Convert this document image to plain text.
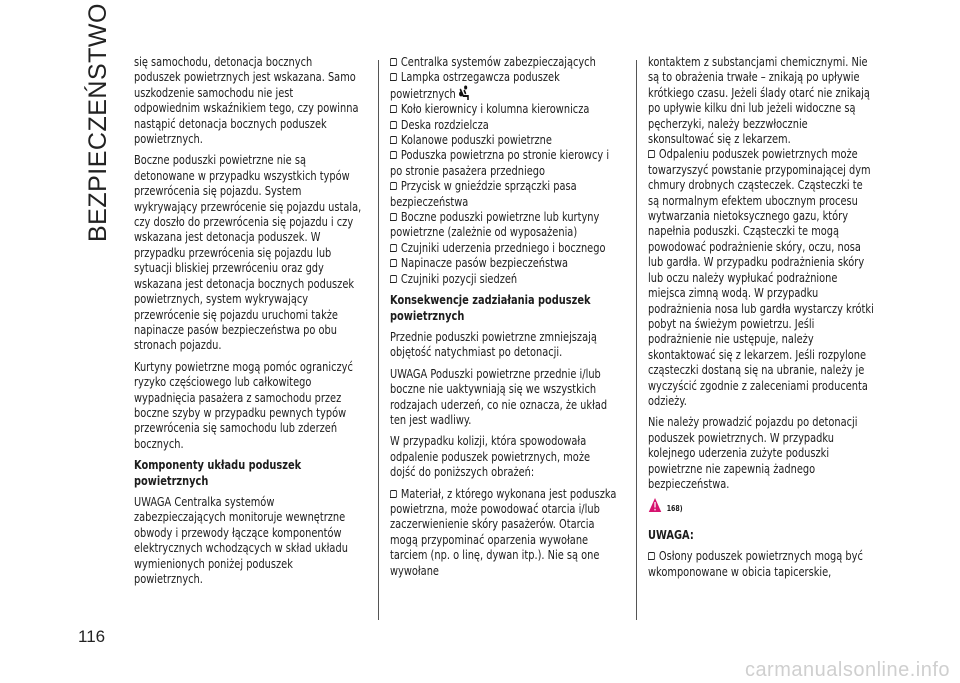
BEZPIECZEŃSTWO
116

się samochodu, detonacja bocznych poduszek powietrznych jest wskazana. Samo uszkodzenie samochodu nie jest odpowiednim wskaźnikiem tego, czy powinna nastąpić detonacja bocznych poduszek powietrznych.

Boczne poduszki powietrzne nie są detonowane w przypadku wszystkich typów przewrócenia się pojazdu. System wykrywający przewrócenie się pojazdu ustala, czy doszło do przewrócenia się pojazdu i czy wskazana jest detonacja poduszek. W przypadku przewrócenia się pojazdu lub sytuacji bliskiej przewróceniu oraz gdy wskazana jest detonacja bocznych poduszek powietrznych, system wykrywający przewrócenie się pojazdu uruchomi także napinacze pasów bezpieczeństwa po obu stronach pojazdu.

Kurtyny powietrzne mogą pomóc ograniczyć ryzyko częściowego lub całkowitego wypadnięcia pasażera z samochodu przez boczne szyby w przypadku pewnych typów przewrócenia się samochodu lub zderzeń bocznych.

Komponenty układu poduszek powietrznych

UWAGA Centralka systemów zabezpieczających monitoruje wewnętrzne obwody i przewody łączące komponentów elektrycznych wchodzących w skład układu wymienionych poniżej poduszek powietrznych.

Centralka systemów zabezpieczających

Lampka ostrzegawcza poduszek powietrznych

Koło kierownicy i kolumna kierownicza

Deska rozdzielcza

Kolanowe poduszki powietrzne

Poduszka powietrzna po stronie kierowcy i po stronie pasażera przedniego

Przycisk w gnieździe sprzączki pasa bezpieczeństwa

Boczne poduszki powietrzne lub kurtyny powietrzne (zależnie od wyposażenia)

Czujniki uderzenia przedniego i bocznego

Napinacze pasów bezpieczeństwa

Czujniki pozycji siedzeń

Konsekwencje zadziałania poduszek powietrznych

Przednie poduszki powietrzne zmniejszają objętość natychmiast po detonacji.

UWAGA Poduszki powietrzne przednie i/lub boczne nie uaktywniają się we wszystkich rodzajach uderzeń, co nie oznacza, że układ ten jest wadliwy.

W przypadku kolizji, która spowodowała odpalenie poduszek powietrznych, może dojść do poniższych obrażeń:

Materiał, z którego wykonana jest poduszka powietrzna, może powodować otarcia i/lub zaczerwienienie skóry pasażerów. Otarcia mogą przypominać oparzenia wywołane tarciem (np. o linę, dywan itp.). Nie są one wywołane

kontaktem z substancjami chemicznymi. Nie są to obrażenia trwałe – znikają po upływie krótkiego czasu. Jeżeli ślady otarć nie znikają po upływie kilku dni lub jeżeli widoczne są pęcherzyki, należy bezzwłocznie skonsultować się z lekarzem.

Odpaleniu poduszek powietrznych może towarzyszyć powstanie przypominającej dym chmury drobnych cząsteczek. Cząsteczki te są normalnym efektem ubocznym procesu wytwarzania nietoksycznego gazu, który napełnia poduszki. Cząsteczki te mogą powodować podrażnienie skóry, oczu, nosa lub gardła. W przypadku podrażnienia skóry lub oczu należy wypłukać podrażnione miejsca zimną wodą. W przypadku podrażnienia nosa lub gardła wystarczy krótki pobyt na świeżym powietrzu. Jeśli podrażnienie nie ustępuje, należy skontaktować się z lekarzem. Jeśli rozpylone cząsteczki dostaną się na ubranie, należy je wyczyścić zgodnie z zaleceniami producenta odzieży.

Nie należy prowadzić pojazdu po detonacji poduszek powietrznych. W przypadku kolejnego uderzenia zużyte poduszki powietrzne nie zapewnią żadnego bezpieczeństwa.

168)
UWAGA:

Osłony poduszek powietrznych mogą być wkomponowane w obicia tapicerskie,

carmanualsonline.info
